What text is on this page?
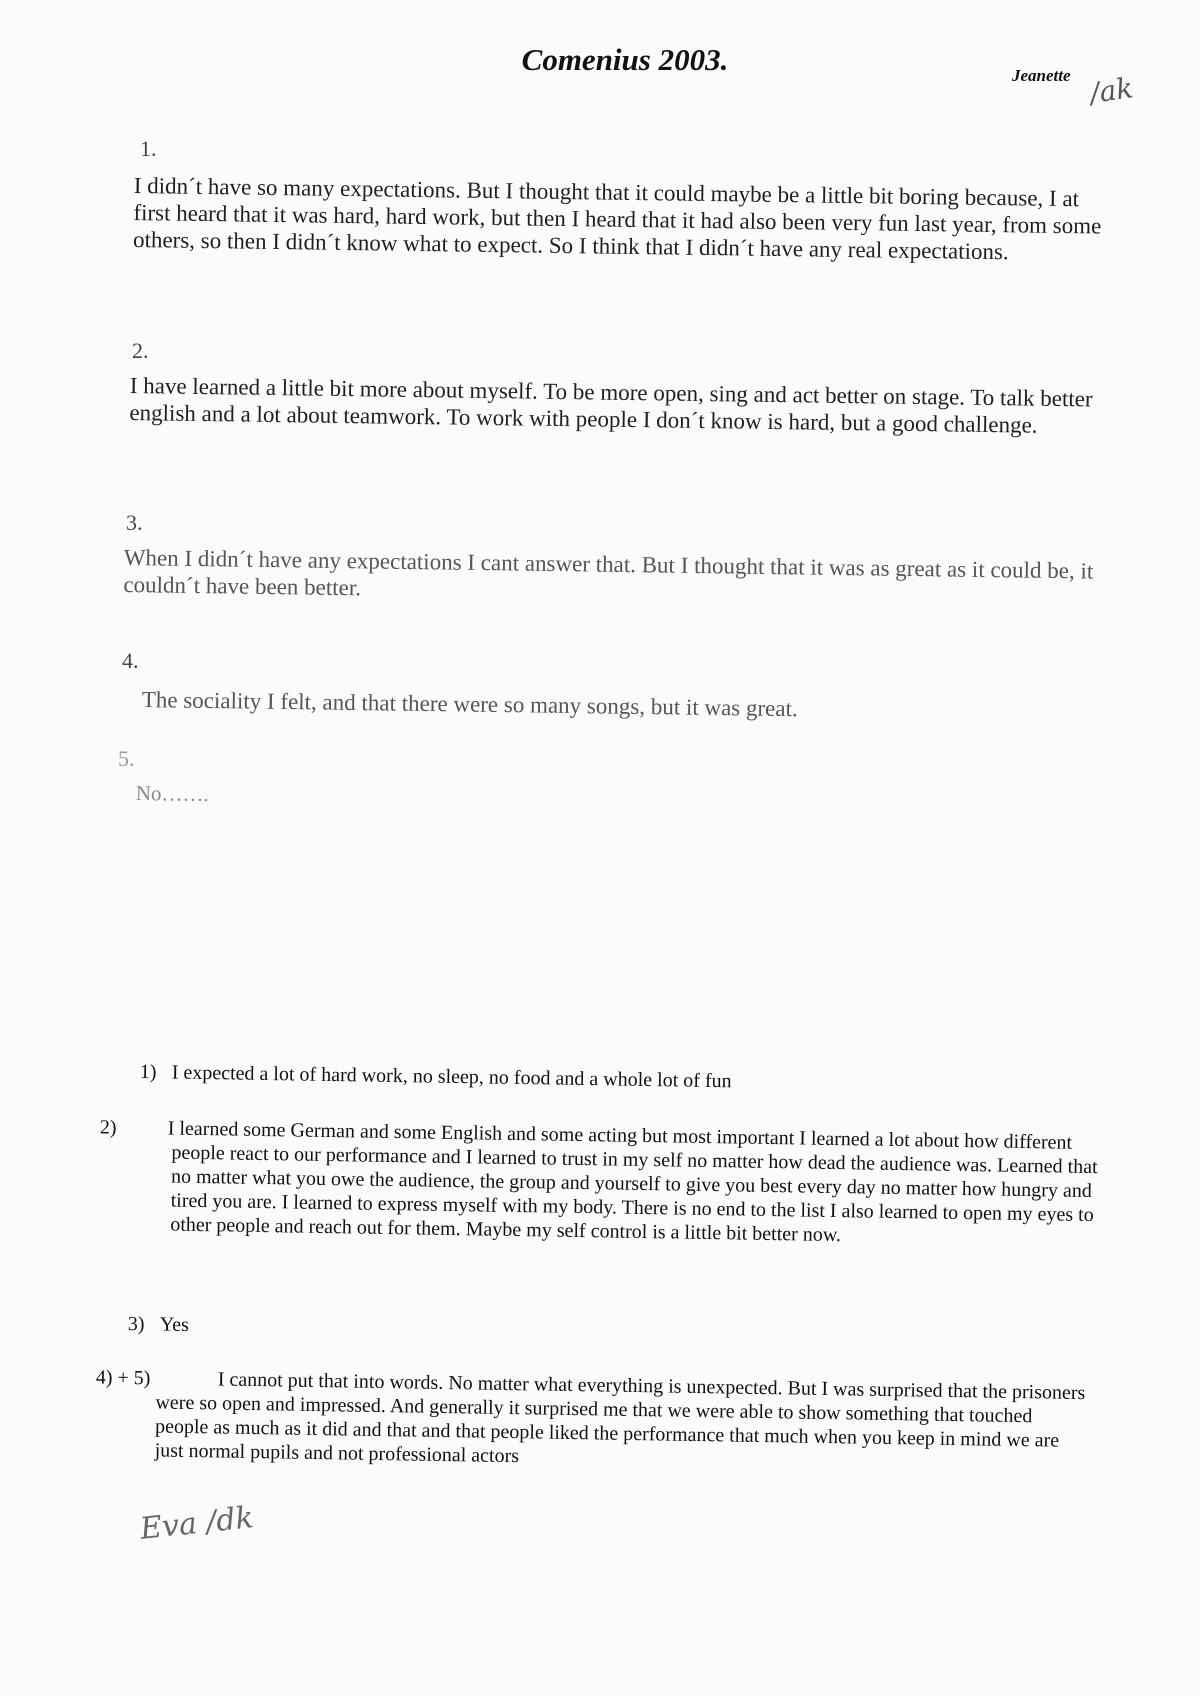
Comenius 2003.	Jeanette /ak
1.
I didn´t have so many expectations. But I thought that it could maybe be a little bit boring because, I at first heard that it was hard, hard work, but then I heard that it had also been very fun last year, from some others, so then I didn´t know what to expect. So I think that I didn´t have any real expectations.
2.
I have learned a little bit more about myself. To be more open, sing and act better on stage. To talk better english and a lot about teamwork. To work with people I don´t know is hard, but a good challenge.
3.
When I didn´t have any expectations I cant answer that. But I thought that it was as great as it could be, it couldn´t have been better.
4.
The sociality I felt, and that there were so many songs, but it was great.
5.
No…….
1) I expected a lot of hard work, no sleep, no food and a whole lot of fun
2)	I learned some German and some English and some acting but most important I learned a lot about how different people react to our performance and I learned to trust in my self no matter how dead the audience was. Learned that no matter what you owe the audience, the group and yourself to give you best every day no matter how hungry and tired you are. I learned to express myself with my body. There is no end to the list I also learned to open my eyes to other people and reach out for them. Maybe my self control is a little bit better now.
3) Yes
4) + 5)	I cannot put that into words. No matter what everything is unexpected. But I was surprised that the prisoners were so open and impressed. And generally it surprised me that we were able to show something that touched people as much as it did and that and that people liked the performance that much when you keep in mind we are just normal pupils and not professional actors
Eva /dk
